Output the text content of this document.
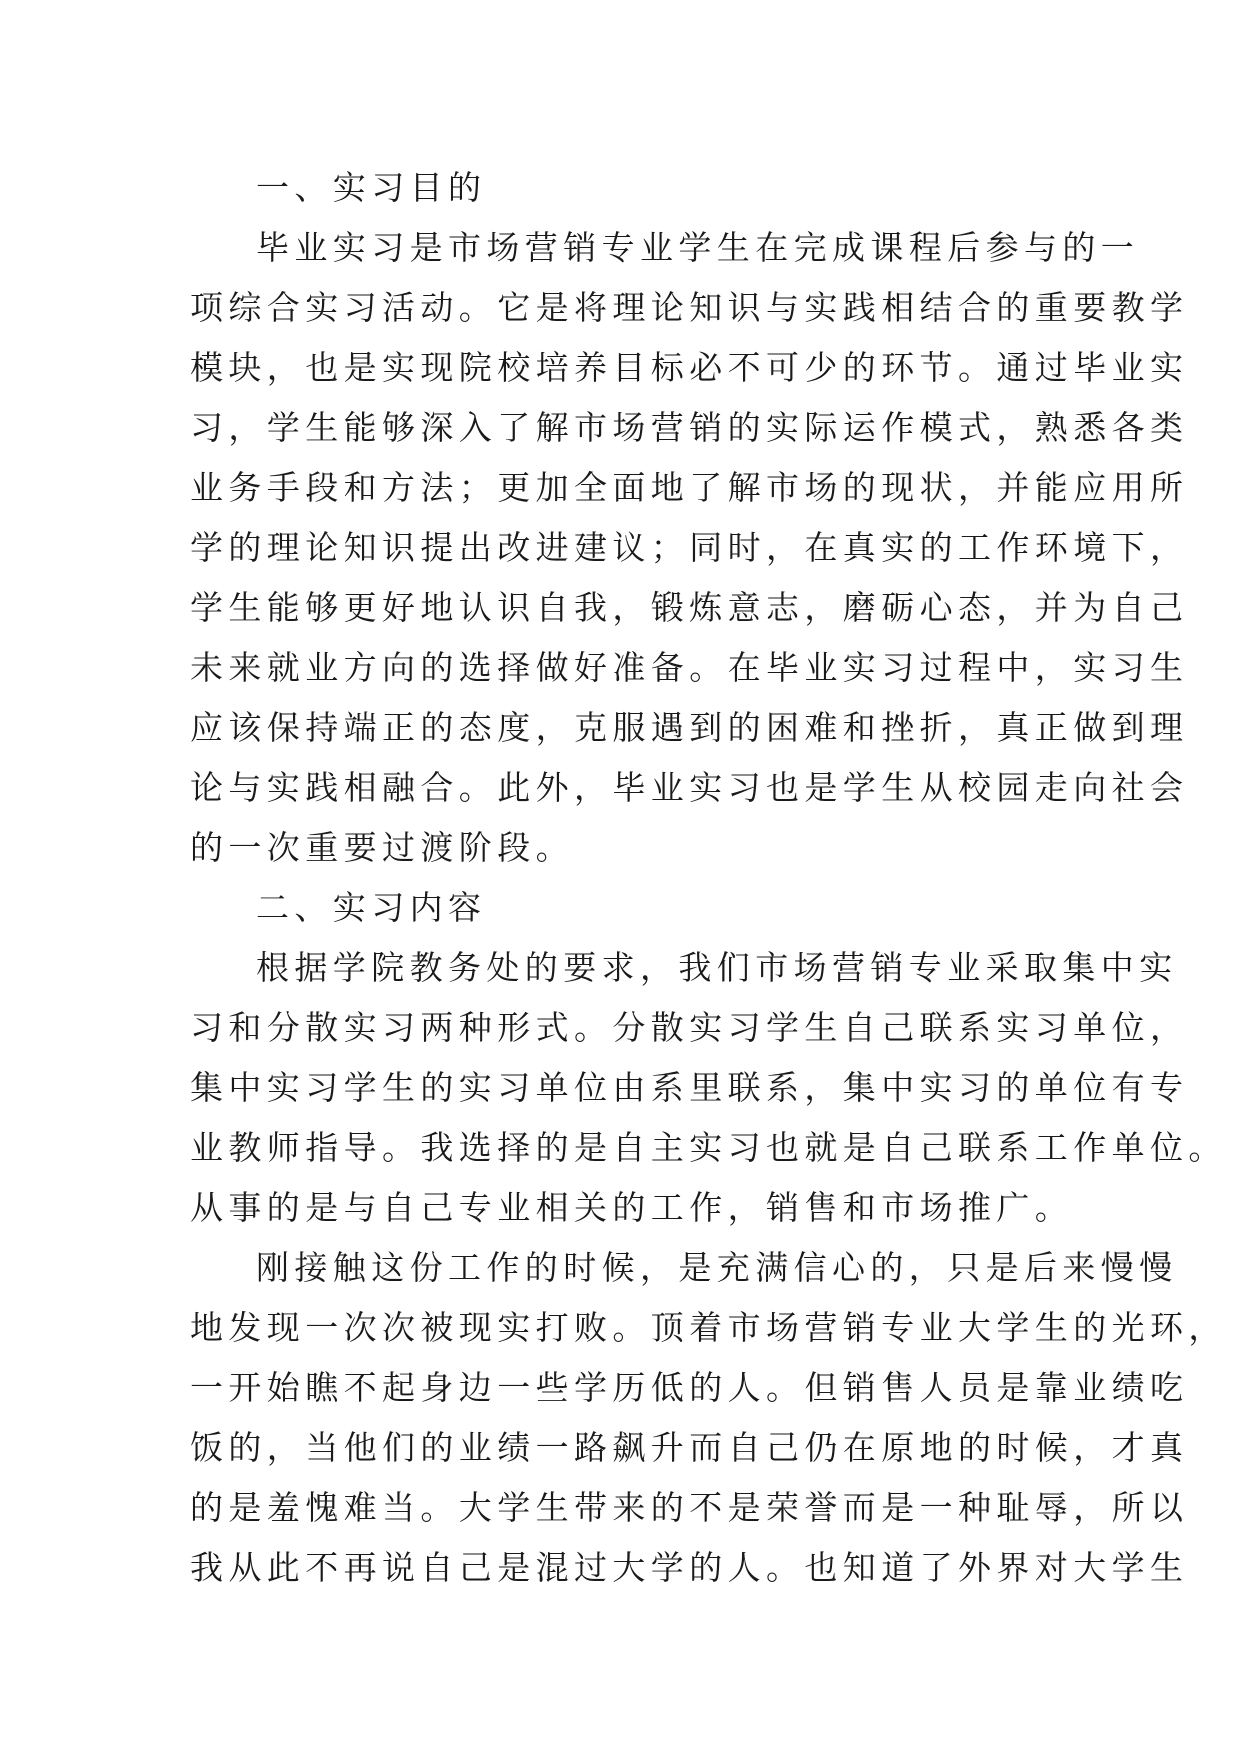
一、实习目的
毕业实习是市场营销专业学生在完成课程后参与的一
项综合实习活动。它是将理论知识与实践相结合的重要教学
模块，也是实现院校培养目标必不可少的环节。通过毕业实
习，学生能够深入了解市场营销的实际运作模式，熟悉各类
业务手段和方法；更加全面地了解市场的现状，并能应用所
学的理论知识提出改进建议；同时，在真实的工作环境下，
学生能够更好地认识自我，锻炼意志，磨砺心态，并为自己
未来就业方向的选择做好准备。在毕业实习过程中，实习生
应该保持端正的态度，克服遇到的困难和挫折，真正做到理
论与实践相融合。此外，毕业实习也是学生从校园走向社会
的一次重要过渡阶段。
二、实习内容
根据学院教务处的要求，我们市场营销专业采取集中实
习和分散实习两种形式。分散实习学生自己联系实习单位，
集中实习学生的实习单位由系里联系，集中实习的单位有专
业教师指导。我选择的是自主实习也就是自己联系工作单位。
从事的是与自己专业相关的工作，销售和市场推广。
刚接触这份工作的时候，是充满信心的，只是后来慢慢
地发现一次次被现实打败。顶着市场营销专业大学生的光环，
一开始瞧不起身边一些学历低的人。但销售人员是靠业绩吃
饭的，当他们的业绩一路飙升而自己仍在原地的时候，才真
的是羞愧难当。大学生带来的不是荣誉而是一种耻辱，所以
我从此不再说自己是混过大学的人。也知道了外界对大学生
